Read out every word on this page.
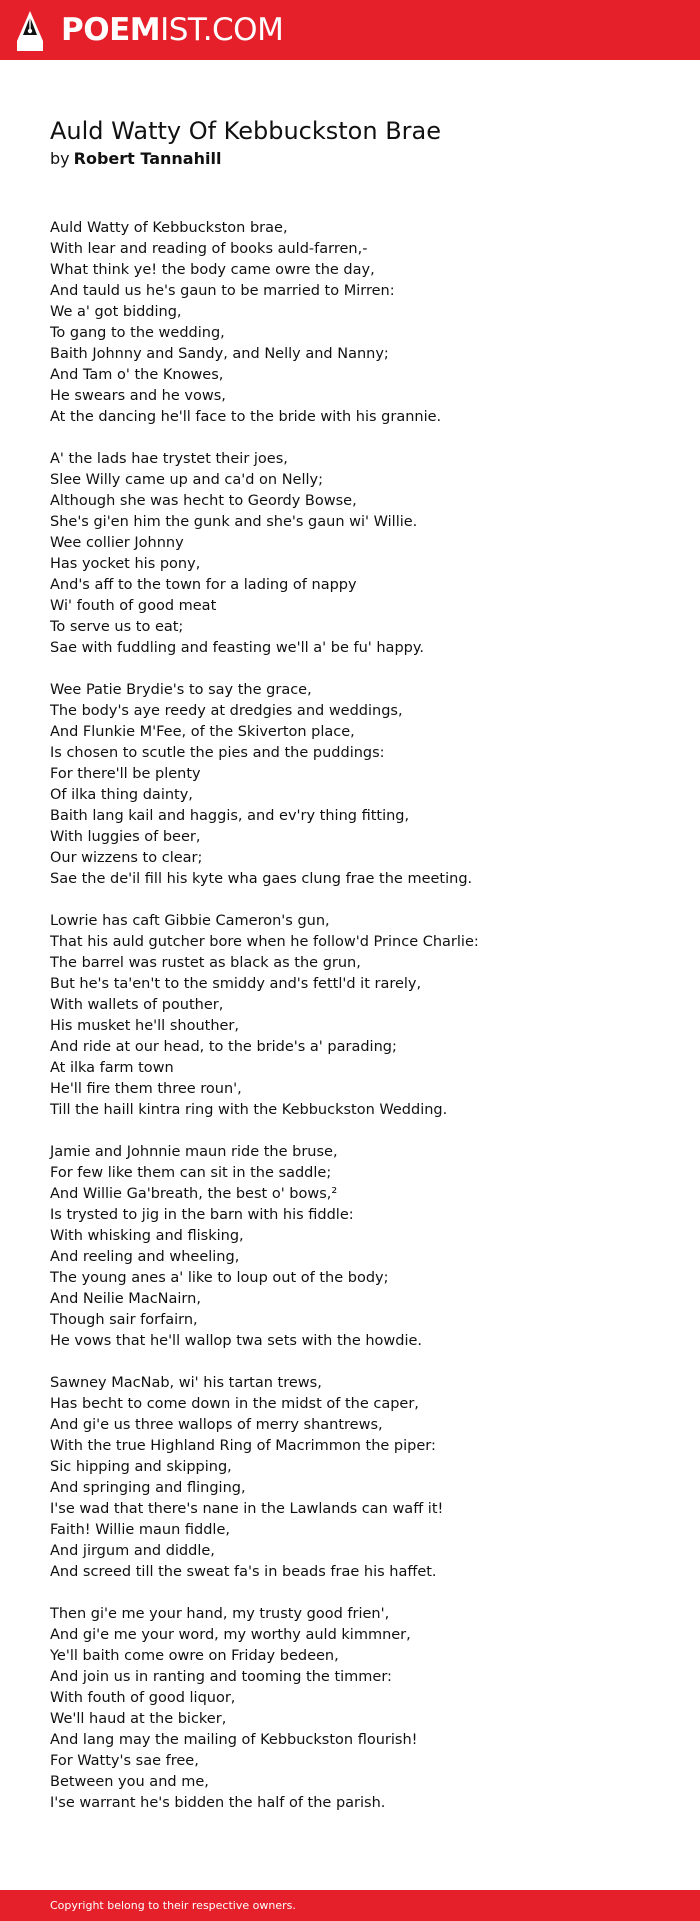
POEMIST.COM
Auld Watty Of Kebbuckston Brae
by Robert Tannahill
Auld Watty of Kebbuckston brae,
With lear and reading of books auld-farren,-
What think ye! the body came owre the day,
And tauld us he's gaun to be married to Mirren:
We a' got bidding,
To gang to the wedding,
Baith Johnny and Sandy, and Nelly and Nanny;
And Tam o' the Knowes,
He swears and he vows,
At the dancing he'll face to the bride with his grannie.
A' the lads hae trystet their joes,
Slee Willy came up and ca'd on Nelly;
Although she was hecht to Geordy Bowse,
She's gi'en him the gunk and she's gaun wi' Willie.
Wee collier Johnny
Has yocket his pony,
And's aff to the town for a lading of nappy
Wi' fouth of good meat
To serve us to eat;
Sae with fuddling and feasting we'll a' be fu' happy.
Wee Patie Brydie's to say the grace,
The body's aye reedy at dredgies and weddings,
And Flunkie M'Fee, of the Skiverton place,
Is chosen to scutle the pies and the puddings:
For there'll be plenty
Of ilka thing dainty,
Baith lang kail and haggis, and ev'ry thing fitting,
With luggies of beer,
Our wizzens to clear;
Sae the de'il fill his kyte wha gaes clung frae the meeting.
Lowrie has caft Gibbie Cameron's gun,
That his auld gutcher bore when he follow'd Prince Charlie:
The barrel was rustet as black as the grun,
But he's ta'en't to the smiddy and's fettl'd it rarely,
With wallets of pouther,
His musket he'll shouther,
And ride at our head, to the bride's a' parading;
At ilka farm town
He'll fire them three roun',
Till the haill kintra ring with the Kebbuckston Wedding.
Jamie and Johnnie maun ride the bruse,
For few like them can sit in the saddle;
And Willie Ga'breath, the best o' bows,²
Is trysted to jig in the barn with his fiddle:
With whisking and flisking,
And reeling and wheeling,
The young anes a' like to loup out of the body;
And Neilie MacNairn,
Though sair forfairn,
He vows that he'll wallop twa sets with the howdie.
Sawney MacNab, wi' his tartan trews,
Has becht to come down in the midst of the caper,
And gi'e us three wallops of merry shantrews,
With the true Highland Ring of Macrimmon the piper:
Sic hipping and skipping,
And springing and flinging,
I'se wad that there's nane in the Lawlands can waff it!
Faith! Willie maun fiddle,
And jirgum and diddle,
And screed till the sweat fa's in beads frae his haffet.
Then gi'e me your hand, my trusty good frien',
And gi'e me your word, my worthy auld kimmner,
Ye'll baith come owre on Friday bedeen,
And join us in ranting and tooming the timmer:
With fouth of good liquor,
We'll haud at the bicker,
And lang may the mailing of Kebbuckston flourish!
For Watty's sae free,
Between you and me,
I'se warrant he's bidden the half of the parish.
Copyright belong to their respective owners.
